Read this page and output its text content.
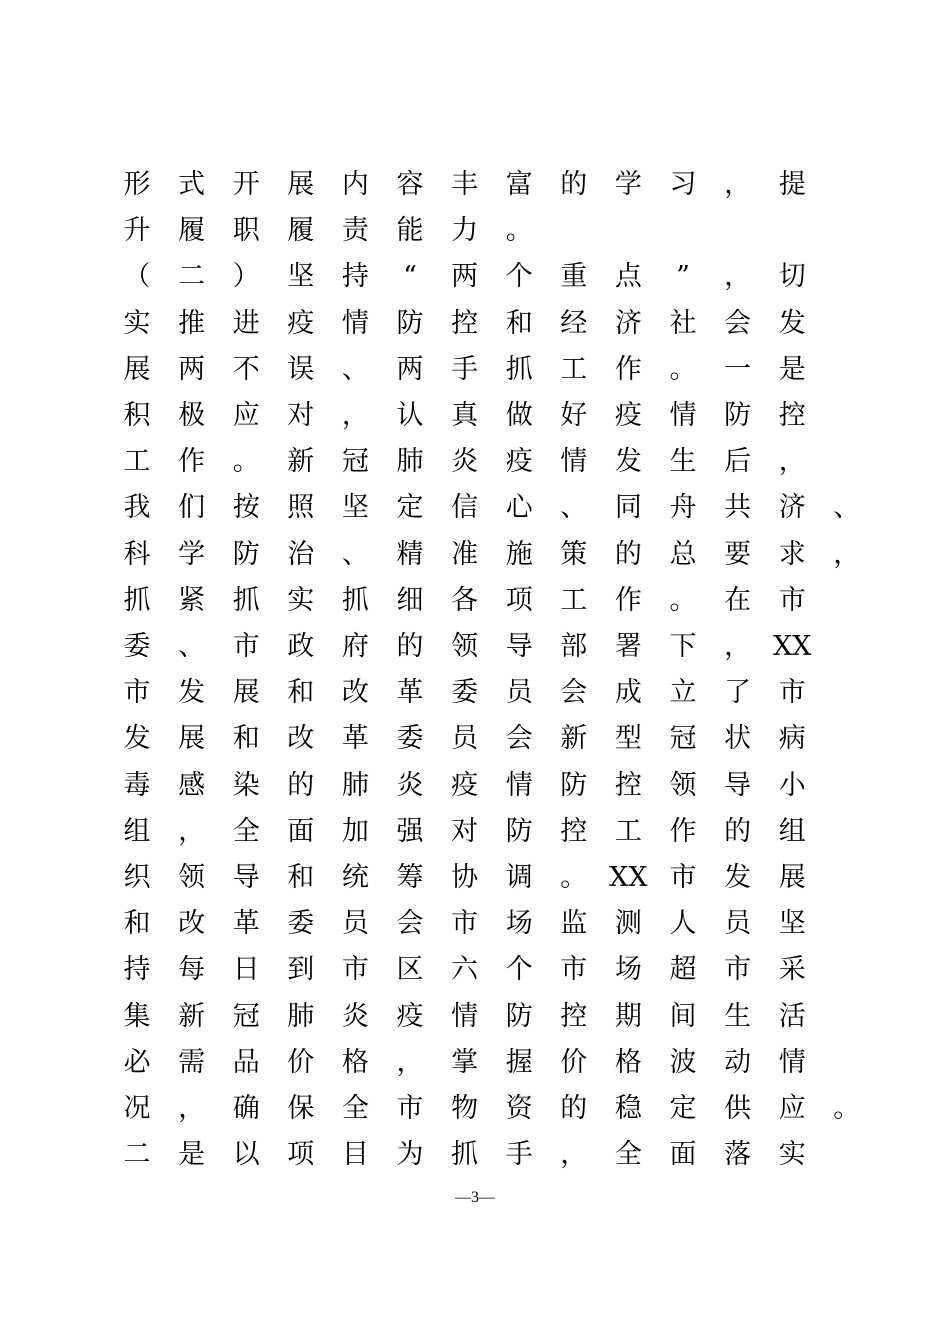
形 式 开 展 内 容 丰 富 的 学 习 ， 提
升 履 职 履 责 能 力 。
（ 二 ） 坚 持	“	两 个 重 点	”	， 切
实 推 进 疫 情 防 控 和 经 济 社 会 发
展 两 不 误 、 两 手 抓 工 作 。 一 是
积 极 应 对 ， 认 真 做 好 疫 情 防 控
工 作 。 新 冠 肺 炎 疫 情 发 生 后 ，
我 们 按 照 坚 定 信 心 、 同 舟 共 济 、
科 学 防 治 、 精 准 施 策 的 总 要 求 ，
抓 紧 抓 实 抓 细 各 项 工 作 。 在 市
委 、 市 政 府 的 领 导 部 署 下 ， XX
市 发 展 和 改 革 委 员 会 成 立 了 市
发 展 和 改 革 委 员 会 新 型 冠 状 病
毒 感 染 的 肺 炎 疫 情 防 控 领 导 小
组 ， 全 面 加 强 对 防 控 工 作 的 组
织 领 导 和 统 筹 协 调 。 XX 市 发 展
和 改 革 委 员 会 市 场 监 测 人 员 坚
持 每 日 到 市 区 六 个 市 场 超 市 采
集 新 冠 肺 炎 疫 情 防 控 期 间 生 活
必 需 品 价 格 ， 掌 握 价 格 波 动 情
况 ， 确 保 全 市 物 资 的 稳 定 供 应 。
二 是 以 项 目 为 抓 手 ， 全 面 落 实
—3—
